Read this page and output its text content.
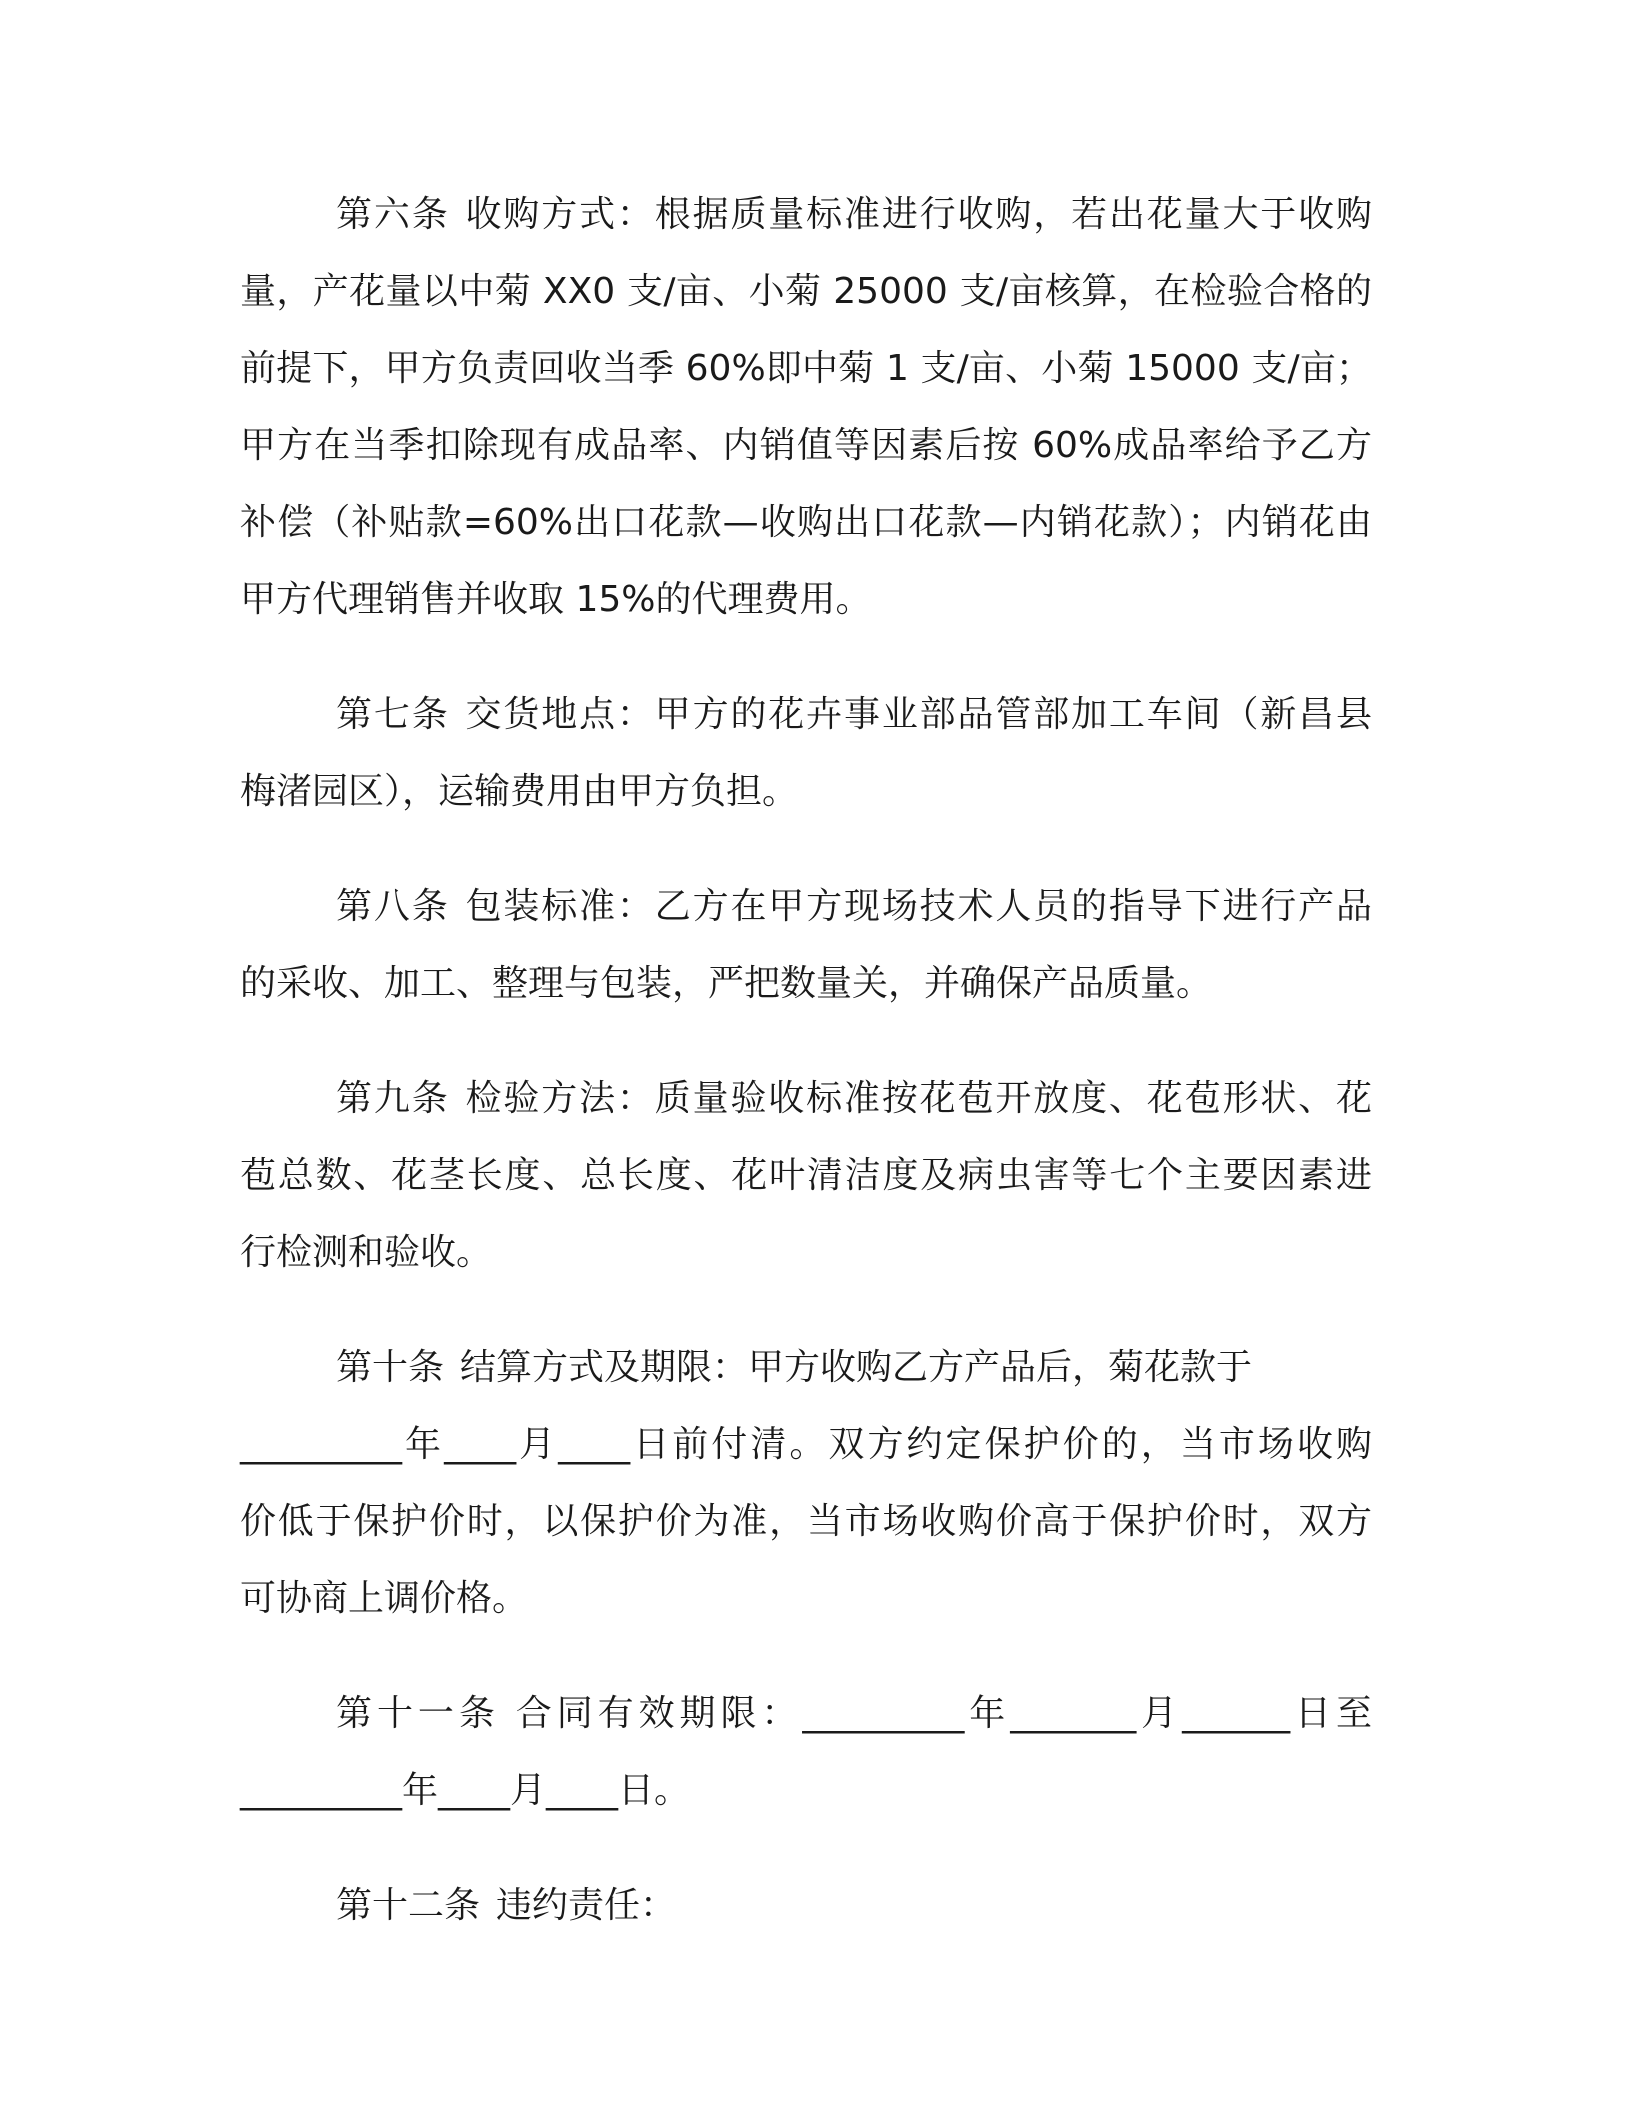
第六条 收购方式：根据质量标准进行收购，若出花量大于收购
量，产花量以中菊 XX0 支/亩、小菊 25000 支/亩核算，在检验合格的
前提下，甲方负责回收当季 60%即中菊 1 支/亩、小菊 15000 支/亩；
甲方在当季扣除现有成品率、内销值等因素后按 60%成品率给予乙方
补偿（补贴款=60%出口花款—收购出口花款—内销花款）；内销花由
甲方代理销售并收取 15%的代理费用。

第七条 交货地点：甲方的花卉事业部品管部加工车间（新昌县
梅渚园区），运输费用由甲方负担。

第八条 包装标准：乙方在甲方现场技术人员的指导下进行产品
的采收、加工、整理与包装，严把数量关，并确保产品质量。

第九条 检验方法：质量验收标准按花苞开放度、花苞形状、花
苞总数、花茎长度、总长度、花叶清洁度及病虫害等七个主要因素进
行检测和验收。

第十条 结算方式及期限：甲方收购乙方产品后，菊花款于
_________年____月____日前付清。双方约定保护价的，当市场收购
价低于保护价时，以保护价为准，当市场收购价高于保护价时，双方
可协商上调价格。

第十一条 合同有效期限：_________年_______月______日至
_________年____月____日。

第十二条 违约责任：
